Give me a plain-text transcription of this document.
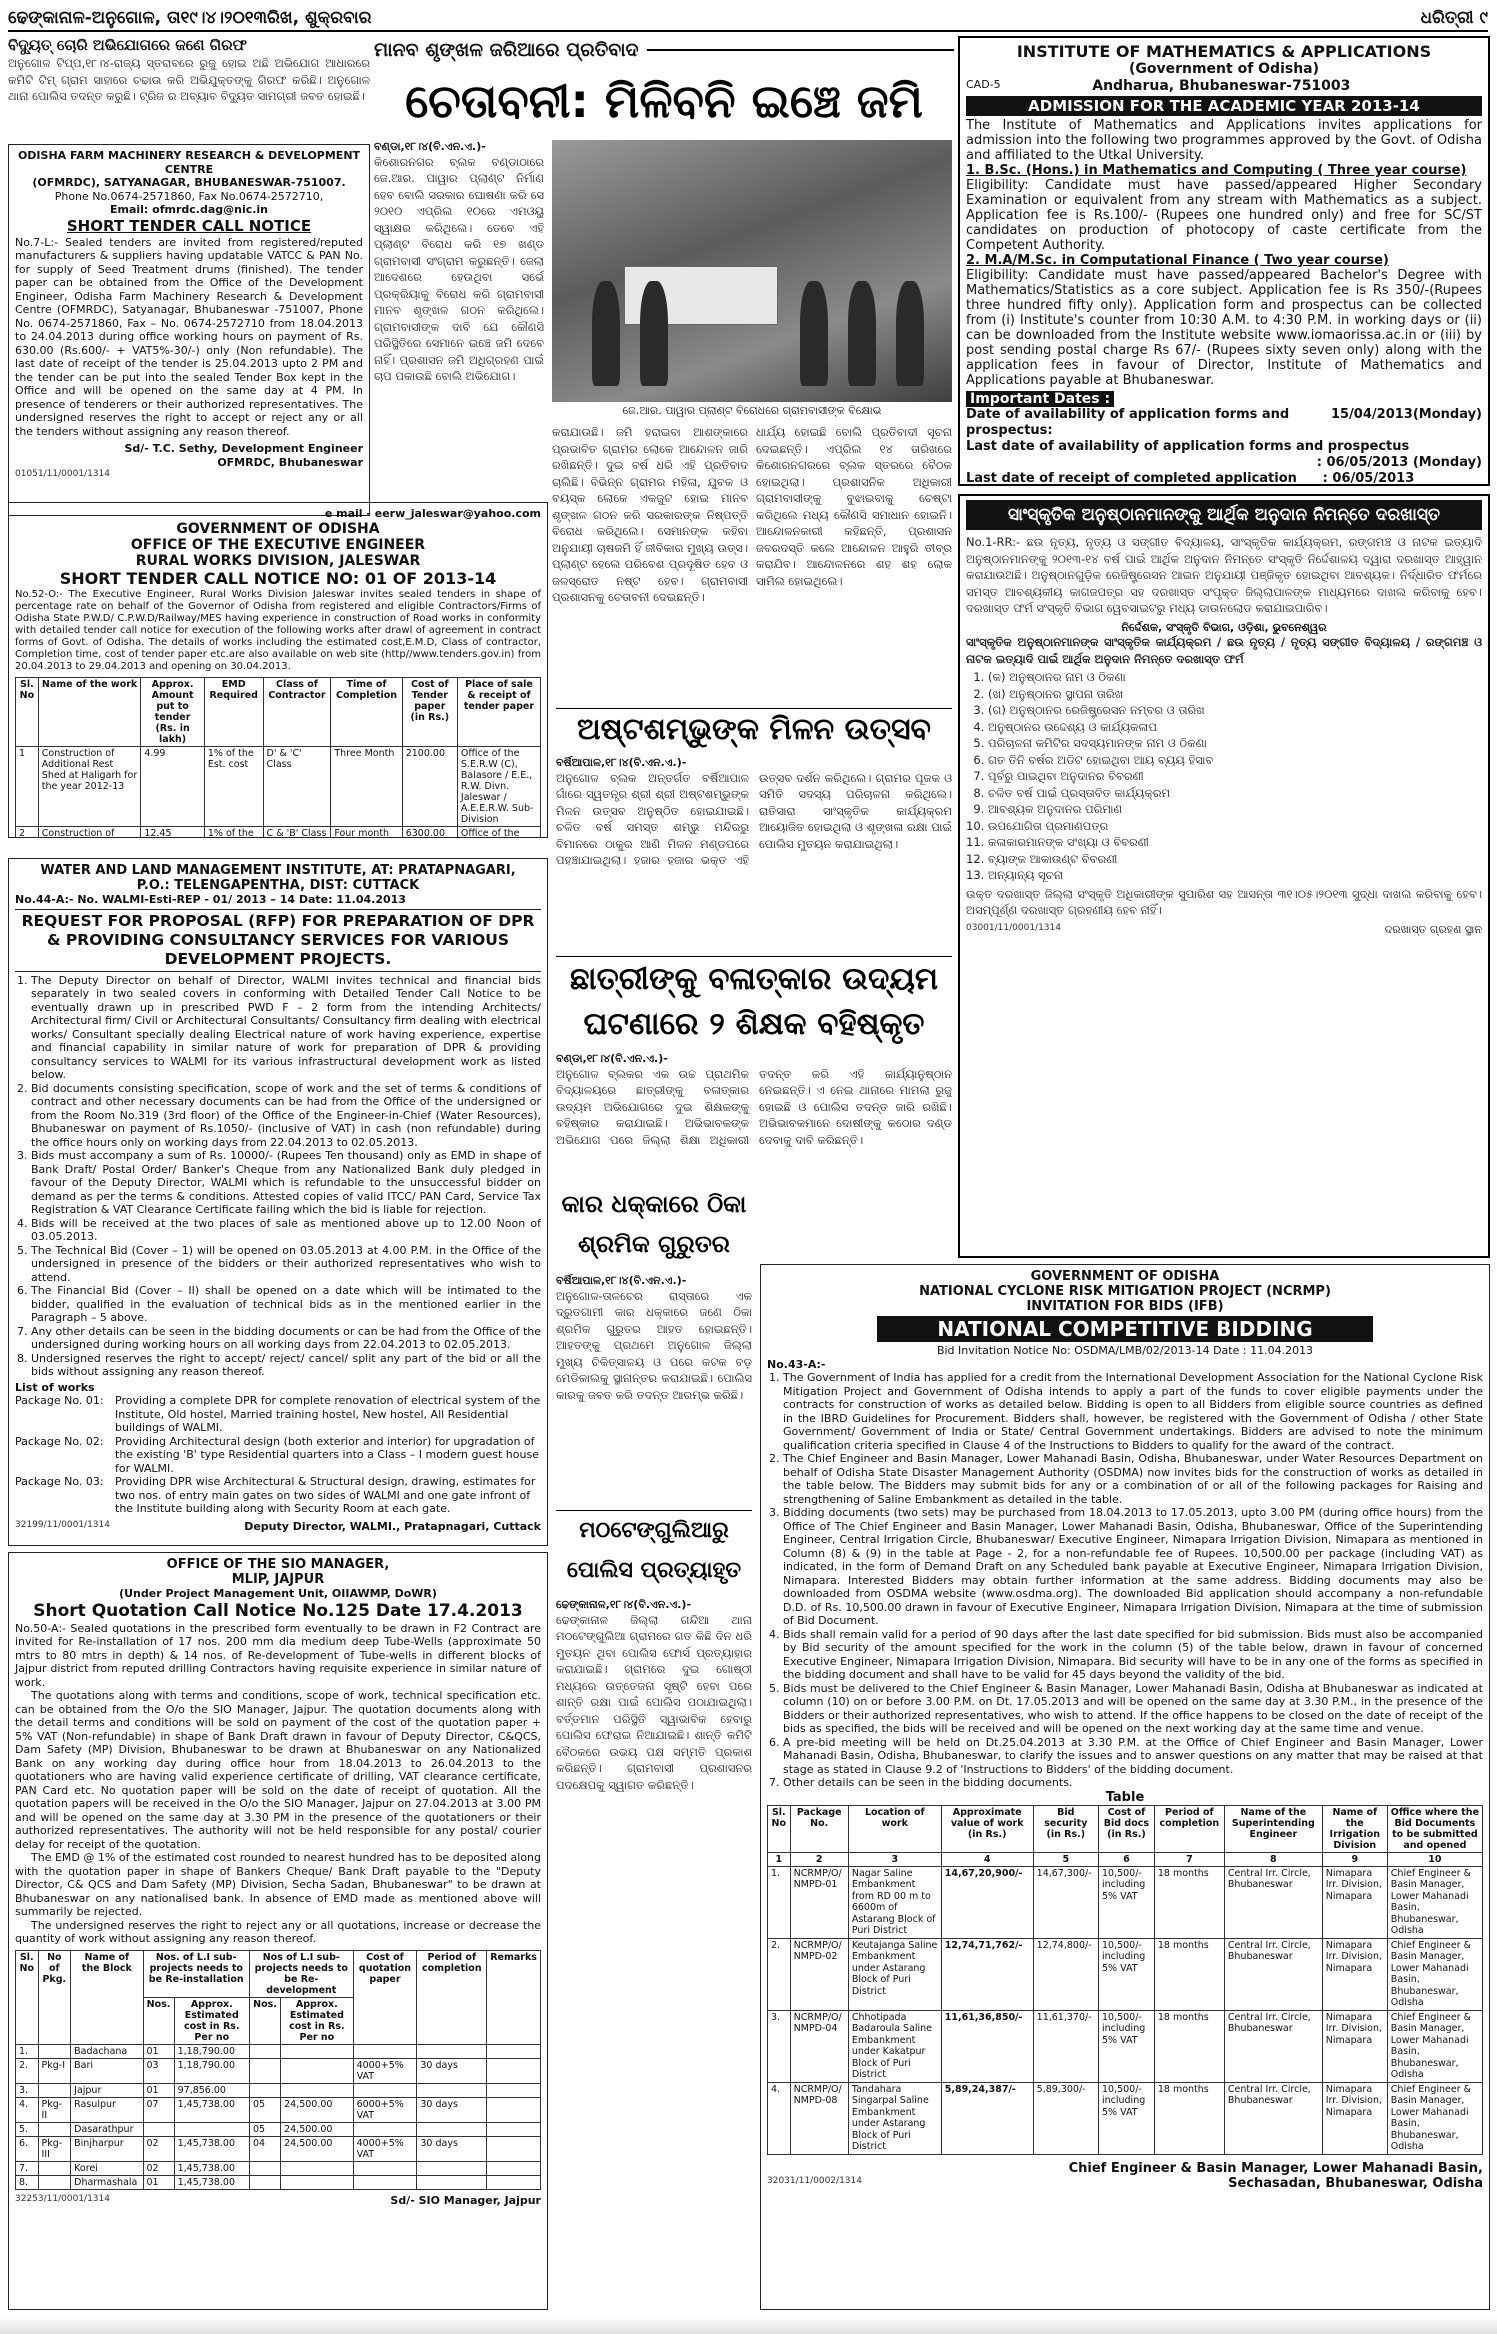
ଢେଙ୍କାନାଳ-ଅନୁଗୋଳ, ତା୧୯।୪।୨୦୧୩ରିଖ, ଶୁକ୍ରବାର	ଧରିତ୍ରୀ ୯
ବିଦ୍ୟୁତ୍ ଚୋରି ଅଭିଯୋଗରେ ଜଣେ ଗିରଫ
ଅନୁଗୋଳ ଟିପ୍ପ,୧୮।୪-ରାଜ୍ୟ ସ୍ତରାବରେ ରୁଜୁ ହୋଇ ଅଛି ଅଭିଯୋଗ ଆଧାରରେ କମିଟି ଟିମ୍ ଗ୍ରାମ ସାହାରେ ଚଢାଉ କରି ଅଭିଯୁକ୍ତଙ୍କୁ ଗିରଫ କରିଛି। ଅନୁଗୋଳ ଥାନା ପୋଲିସ ତଦନ୍ତ କରୁଛି। ଟ୍ରିଜ ର ଅବ୍ୟାବ ବିଦ୍ୟୁତ ସାମଗ୍ରୀ ଜବତ ହୋଇଛି।
ODISHA FARM MACHINERY RESEARCH & DEVELOPMENT CENTRE
(OFMRDC), SATYANAGAR, BHUBANESWAR-751007.
Phone No.0674-2571860, Fax No.0674-2572710,
Email: ofmrdc.dag@nic.in
SHORT TENDER CALL NOTICE
No.7-L:- Sealed tenders are invited from registered/reputed manufacturers & suppliers having updatable VATCC & PAN No. for supply of Seed Treatment drums (finished). The tender paper can be obtained from the Office of the Development Engineer, Odisha Farm Machinery Research & Development Centre (OFMRDC), Satyanagar, Bhubaneswar -751007, Phone No. 0674-2571860, Fax – No. 0674-2572710 from 18.04.2013 to 24.04.2013 during office working hours on payment of Rs. 630.00 (Rs.600/- + VAT5%-30/-) only (Non refundable). The last date of receipt of the tender is 25.04.2013 upto 2 PM and the tender can be put into the sealed Tender Box kept in the Office and will be opened on the same day at 4 PM. In presence of tenderers or their authorized representatives. The undersigned reserves the right to accept or reject any or all the tenders without assigning any reason thereof.
Sd/- T.C. Sethy, Development Engineer
OFMRDC, Bhubaneswar
01051/11/0001/1314
e mail - eerw_jaleswar@yahoo.com
GOVERNMENT OF ODISHA
OFFICE OF THE EXECUTIVE ENGINEER
RURAL WORKS DIVISION, JALESWAR
SHORT TENDER CALL NOTICE NO: 01 OF 2013-14
No.52-O:- The Executive Engineer, Rural Works Division Jaleswar invites sealed tenders in shape of percentage rate on behalf of the Governor of Odisha from registered and eligible Contractors/Firms of Odisha State P.W.D/ C.P.W.D/Railway/MES having experience in construction of Road works in conformity with detailed tender call notice for execution of the following works after drawl of agreement in contract forms of Govt. of Odisha. The details of works including the estimated cost,E.M.D, Class of contractor, Completion time, cost of tender paper etc.are also available on web site (http//www.tenders.gov.in) from 20.04.2013 to 29.04.2013 and opening on 30.04.2013.
Sl. No	Name of the work	Approx. Amount put to tender (Rs. in lakh)	EMD Required	Class of Contractor	Time of Completion	Cost of Tender paper (in Rs.)	Place of sale & receipt of tender paper
1	Construction of Additional Rest Shed at Haligarh for the year 2012-13	4.99	1% of the Est. cost	D' & 'C' Class	Three Month	2100.00	Office of the S.E.R.W (C), Balasore / E.E., R.W. Divn. Jaleswar / A.E.E.R.W. Sub-Division
2	Construction of	12.45	1% of the	C & 'B' Class	Four month	6300.00	Office of the
WATER AND LAND MANAGEMENT INSTITUTE, AT: PRATAPNAGARI,
P.O.: TELENGAPENTHA, DIST: CUTTACK
No.44-A:- No. WALMI-Esti-REP - 01/ 2013 – 14 Date: 11.04.2013
REQUEST FOR PROPOSAL (RFP) FOR PREPARATION OF DPR & PROVIDING CONSULTANCY SERVICES FOR VARIOUS DEVELOPMENT PROJECTS.
1. The Deputy Director on behalf of Director, WALMI invites technical and financial bids separately in two sealed covers in conforming with Detailed Tender Call Notice to be eventually drawn up in prescribed PWD F – 2 form from the intending Architects/ Architectural firm/ Civil or Architectural Consultants/ Consultancy firm dealing with electrical works/ Consultant specially dealing Electrical nature of work having experience, expertise and financial capability in similar nature of work for preparation of DPR & providing consultancy services to WALMI for its various infrastructural development work as listed below.
2. Bid documents consisting specification, scope of work and the set of terms & conditions of contract and other necessary documents can be had from the Office of the undersigned or from the Room No.319 (3rd floor) of the Office of the Engineer-in-Chief (Water Resources), Bhubaneswar on payment of Rs.1050/- (inclusive of VAT) in cash (non refundable) during the office hours only on working days from 22.04.2013 to 02.05.2013.
3. Bids must accompany a sum of Rs. 10000/- (Rupees Ten thousand) only as EMD in shape of Bank Draft/ Postal Order/ Banker's Cheque from any Nationalized Bank duly pledged in favour of the Deputy Director, WALMI which is refundable to the unsuccessful bidder on demand as per the terms & conditions. Attested copies of valid ITCC/ PAN Card, Service Tax Registration & VAT Clearance Certificate failing which the bid is liable for rejection.
4. Bids will be received at the two places of sale as mentioned above up to 12.00 Noon of 03.05.2013.
5. The Technical Bid (Cover – 1) will be opened on 03.05.2013 at 4.00 P.M. in the Office of the undersigned in presence of the bidders or their authorized representatives who wish to attend.
6. The Financial Bid (Cover – II) shall be opened on a date which will be intimated to the bidder, qualified in the evaluation of technical bids as in the mentioned earlier in the Paragraph – 5 above.
7. Any other details can be seen in the bidding documents or can be had from the Office of the undersigned during working hours on all working days from 22.04.2013 to 02.05.2013.
8. Undersigned reserves the right to accept/ reject/ cancel/ split any part of the bid or all the bids without assigning any reason thereof.
List of works
Package No. 01:	Providing a complete DPR for complete renovation of electrical system of the Institute, Old hostel, Married training hostel, New hostel, All Residential buildings of WALMI.
Package No. 02:	Providing Architectural design (both exterior and interior) for upgradation of the existing 'B' type Residential quarters into a Class – I modern guest house for WALMI.
Package No. 03:	Providing DPR wise Architectural & Structural design, drawing, estimates for two nos. of entry main gates on two sides of WALMI and one gate infront of the Institute building along with Security Room at each gate.
32199/11/0001/1314	Deputy Director, WALMI., Pratapnagari, Cuttack
OFFICE OF THE SIO MANAGER,
MLIP, JAJPUR
(Under Project Management Unit, OIIAWMP, DoWR)
Short Quotation Call Notice No.125 Date 17.4.2013
No.50-A:- Sealed quotations in the prescribed form eventually to be drawn in F2 Contract are invited for Re-installation of 17 nos. 200 mm dia medium deep Tube-Wells (approximate 50 mtrs to 80 mtrs in depth) & 14 nos. of Re-development of Tube-wells in different blocks of Jajpur district from reputed drilling Contractors having requisite experience in similar nature of work.
The quotations along with terms and conditions, scope of work, technical specification etc. can be obtained from the O/o the SIO Manager, Jajpur. The quotation documents along with the detail terms and conditions will be sold on payment of the cost of the quotation paper + 5% VAT (Non-refundable) in shape of Bank Draft drawn in favour of Deputy Director, C&QCS, Dam Safety (MP) Division, Bhubaneswar to be drawn at Bhubaneswar on any Nationalized Bank on any working day during office hour from 18.04.2013 to 26.04.2013 to the quotationers who are having valid experience certificate of drilling, VAT clearance certificate, PAN Card etc. No quotation paper will be sold on the date of receipt of quotation. All the quotation papers will be received in the O/o the SIO Manager, Jajpur on 27.04.2013 at 3.00 PM and will be opened on the same day at 3.30 PM in the presence of the quotationers or their authorized representatives. The authority will not be held responsible for any postal/ courier delay for receipt of the quotation.
The EMD @ 1% of the estimated cost rounded to nearest hundred has to be deposited along with the quotation paper in shape of Bankers Cheque/ Bank Draft payable to the "Deputy Director, C& QCS and Dam Safety (MP) Division, Secha Sadan, Bhubaneswar" to be drawn at Bhubaneswar on any nationalised bank. In absence of EMD made as mentioned above will summarily be rejected.
The undersigned reserves the right to reject any or all quotations, increase or decrease the quantity of work without assigning any reason thereof.
Sl. No	No of Pkg.	Name of the Block	Nos. of L.I sub-projects needs to be Re-installation		Nos of L.I sub-projects needs to be Re-development		Cost of quotation paper	Period of completion	Remarks
			Nos.	Approx. Estimated cost in Rs. Per no	Nos.	Approx. Estimated cost in Rs. Per no			
1.		Badachana	01	1,18,790.00					
2.	Pkg-I	Bari	03	1,18,790.00			4000+5% VAT	30 days	
3.		Jajpur	01	97,856.00					
4.	Pkg-II	Rasulpur	07	1,45,738.00	05	24,500.00	6000+5% VAT	30 days	
5.		Dasarathpur			05	24,500.00			
6.	Pkg-III	Binjharpur	02	1,45,738.00	04	24,500.00	4000+5% VAT	30 days	
7.		Korei	02	1,45,738.00					
8.		Dharmashala	01	1,45,738.00					
32253/11/0001/1314	Sd/- SIO Manager, Jajpur
ମାନବ ଶୃଙ୍ଖଳ ଜରିଆରେ ପ୍ରତିବାଦ
ଚେତାବନୀ: ମିଳିବନି ଇଞ୍ଚେ ଜମି
ବଣ୍ଡା,୧୮।୪(ବି.ଏନ.ଏ.)-
କିଶୋରନଗର ବ୍ଲକ ବଣ୍ଡାଠାରେ ଜେ.ଆର. ପାୱାର ପ୍ଲାଣ୍ଟ ନିର୍ମାଣ ହେବ ବୋଲି ସରକାର ଘୋଷଣା କରି ସେ ୨୦୧୦ ଏପ୍ରିଲ ୧୦ରେ ଏମଓୟୁ ସ୍ୱାକ୍ଷର କରିଥିଲେ। ତେବେ ଏହି ପ୍ଲାଣ୍ଟ ବିରୋଧ କରି ୧୭ ଖଣ୍ଡ ଗ୍ରାମବାସୀ ସଂଗ୍ରାମ କରୁଛନ୍ତି। ଜେଲା ଆଦେଶରେ ହେଉଥିବା ସର୍ଭେ ପ୍ରକ୍ରିୟାକୁ ବିରୋଧ କରି ଗ୍ରାମବାସୀ ମାନବ ଶୃଙ୍ଖଳ ଗଠନ କରିଥିଲେ। ଗ୍ରାମବାସୀଙ୍କ ଦାବି ଯେ କୌଣସି ପରିସ୍ଥିତିରେ ସେମାନେ ଇଞ୍ଚେ ଜମି ଦେବେ ନାହିଁ। ପ୍ରଶାସନ ଜମି ଅଧିଗ୍ରହଣ ପାଇଁ ଚାପ ପକାଉଛି ବୋଲି ଅଭିଯୋଗ।
ଜେ.ଆର. ପାୱାର ପ୍ଲାଣ୍ଟ ବିରୋଧରେ ଗ୍ରାମବାସୀଙ୍କ ବିକ୍ଷୋଭ
କରାଯାଉଛି। ଜମି ହରାଇବା ଆଶଙ୍କାରେ ପ୍ରଭାବିତ ଗ୍ରାମର ଲୋକେ ଆନ୍ଦୋଳନ ଜାରି ରଖିଛନ୍ତି। ଦୁଇ ବର୍ଷ ଧରି ଏହି ପ୍ରତିବାଦ ଚାଲିଛି। ବିଭିନ୍ନ ଗ୍ରାମର ମହିଳା, ଯୁବକ ଓ ବୟସ୍କ ଲୋକେ ଏକଜୁଟ ହୋଇ ମାନବ ଶୃଙ୍ଖଳ ଗଠନ କରି ସରକାରଙ୍କ ନିଷ୍ପତ୍ତି ବିରୋଧ କରିଥିଲେ। ସେମାନଙ୍କ କହିବା ଅନୁଯାୟୀ ଚାଷଜମି ହିଁ ଜୀବିକାର ମୁଖ୍ୟ ଉତ୍ସ। ପ୍ଲାଣ୍ଟ ହେଲେ ପରିବେଶ ପ୍ରଦୂଷିତ ହେବ ଓ ଜଳସ୍ରୋତ ନଷ୍ଟ ହେବ। ଗ୍ରାମବାସୀ ପ୍ରଶାସନକୁ ଚେତାବନୀ ଦେଇଛନ୍ତି।
ଧାର୍ଯ୍ୟ ହୋଇଛି ବୋଲି ପ୍ରତିବାଦୀ ସୂଚନା ଦେଇଛନ୍ତି। ଏପ୍ରିଲ ୧୪ ତାରିଖରେ କିଶୋରନଗରରେ ବ୍ଲକ ସ୍ତରରେ ବୈଠକ ହୋଇଥିଲା। ପ୍ରଶାସନିକ ଅଧିକାରୀ ଗ୍ରାମବାସୀଙ୍କୁ ବୁଝାଇବାକୁ ଚେଷ୍ଟା କରିଥିଲେ ମଧ୍ୟ କୌଣସି ସମାଧାନ ହୋଇନି। ଆନ୍ଦୋଳନକାରୀ କହିଛନ୍ତି, ପ୍ରଶାସନ ଜବରଦସ୍ତି କଲେ ଆନ୍ଦୋଳନ ଆହୁରି ତୀବ୍ର କରାଯିବ। ଆନ୍ଦୋଳନରେ ଶହ ଶହ ଲୋକ ସାମିଲ ହୋଇଥିଲେ।
ଅଷ୍ଟଶମ୍ଭୁଙ୍କ ମିଳନ ଉତ୍ସବ
ବର୍ଷିଆପାଳ,୧୮।୪(ବି.ଏନ.ଏ.)-
ଅନୁଗୋଳ ବ୍ଲକ ଅନ୍ତର୍ଗତ ବର୍ଷିଆପାଳ ଗାଁରେ ସ୍ୱତନ୍ତ୍ର ଶ୍ରୀ ଶ୍ରୀ ଅଷ୍ଟଶମ୍ଭୁଙ୍କ ମିଳନ ଉତ୍ସବ ଅନୁଷ୍ଠିତ ହୋଇଯାଇଛି। ଚଳିତ ବର୍ଷ ସମସ୍ତ ଶମ୍ଭୁ ମନ୍ଦିରରୁ ବିମାନରେ ଠାକୁର ଆଣି ମିଳନ ମଣ୍ଡପରେ ପହଞ୍ଚାଯାଇଥିଲା। ହଜାର ହଜାର ଭକ୍ତ ଏହି ଉତ୍ସବ ଦର୍ଶନ କରିଥିଲେ। ଗ୍ରାମର ପୂଜକ ଓ ସମିତି ସଦସ୍ୟ ପରିଚାଳନା କରିଥିଲେ। ରାତିସାରା ସାଂସ୍କୃତିକ କାର୍ଯ୍ୟକ୍ରମ ଆୟୋଜିତ ହୋଇଥିଲା ଓ ଶୃଙ୍ଖଳା ରକ୍ଷା ପାଇଁ ପୋଲିସ ମୁତୟନ କରାଯାଇଥିଲା।
ଛାତ୍ରୀଙ୍କୁ ବଳାତ୍କାର ଉଦ୍ୟମ
ଘଟଣାରେ ୨ ଶିକ୍ଷକ ବହିଷ୍କୃତ
ବଣ୍ଡା,୧୮।୪(ବି.ଏନ.ଏ.)-
ଅନୁଗୋଳ ବ୍ଲକର ଏକ ଉଚ୍ଚ ପ୍ରାଥମିକ ବିଦ୍ୟାଳୟରେ ଛାତ୍ରୀଙ୍କୁ ବଳାତ୍କାର ଉଦ୍ୟମ ଅଭିଯୋଗରେ ଦୁଇ ଶିକ୍ଷକଙ୍କୁ ବହିଷ୍କାର କରାଯାଇଛି। ଅଭିଭାବକଙ୍କ ଅଭିଯୋଗ ପରେ ଜିଲ୍ଲା ଶିକ୍ଷା ଅଧିକାରୀ ତଦନ୍ତ କରି ଏହି କାର୍ଯ୍ୟାନୁଷ୍ଠାନ ନେଇଛନ୍ତି। ଏ ନେଇ ଥାନାରେ ମାମଲା ରୁଜୁ ହୋଇଛି ଓ ପୋଲିସ ତଦନ୍ତ ଜାରି ରଖିଛି। ଅଭିଭାବକମାନେ ଦୋଷୀଙ୍କୁ କଠୋର ଦଣ୍ଡ ଦେବାକୁ ଦାବି କରିଛନ୍ତି।
କାର ଧକ୍କାରେ ଠିକା ଶ୍ରମିକ ଗୁରୁତର
ବର୍ଷିଆପାଳ,୧୮।୪(ବି.ଏନ.ଏ.)-
ଅନୁଗୋଳ-ତାଳଚେର ରାସ୍ତାରେ ଏକ ଦ୍ରୁତଗାମୀ କାର ଧକ୍କାରେ ଜଣେ ଠିକା ଶ୍ରମିକ ଗୁରୁତର ଆହତ ହୋଇଛନ୍ତି। ଆହତଙ୍କୁ ପ୍ରଥମେ ଅନୁଗୋଳ ଜିଲ୍ଲା ମୁଖ୍ୟ ଚିକିତ୍ସାଳୟ ଓ ପରେ କଟକ ବଡ଼ ମେଡିକାଲକୁ ସ୍ଥାନାନ୍ତର କରାଯାଇଛି। ପୋଲିସ କାରକୁ ଜବତ କରି ତଦନ୍ତ ଆରମ୍ଭ କରିଛି।
ମଠଟେଙ୍ଗୁଲିଆରୁ ପୋଲିସ ପ୍ରତ୍ୟାହୃତ
ଢେଙ୍କାନାଳ,୧୮।୪(ବି.ଏନ.ଏ.)-
ଢେଙ୍କାନାଳ ଜିଲ୍ଲା ଗନ୍ଦିଆ ଥାନା ମଠଟେଙ୍ଗୁଲିଆ ଗ୍ରାମରେ ଗତ କିଛି ଦିନ ଧରି ମୁତୟନ ଥିବା ପୋଲିସ ଫୋର୍ସ ପ୍ରତ୍ୟାହାର କରାଯାଇଛି। ଗ୍ରାମରେ ଦୁଇ ଗୋଷ୍ଠୀ ମଧ୍ୟରେ ଉତ୍ତେଜନା ସୃଷ୍ଟି ହେବା ପରେ ଶାନ୍ତି ରକ୍ଷା ପାଇଁ ପୋଲିସ ପଠାଯାଇଥିଲା। ବର୍ତ୍ତମାନ ପରିସ୍ଥିତି ସ୍ୱାଭାବିକ ହେବାରୁ ପୋଲିସ ଫେରାଇ ନିଆଯାଇଛି। ଶାନ୍ତି କମିଟି ବୈଠକରେ ଉଭୟ ପକ୍ଷ ସମ୍ମତି ପ୍ରକାଶ କରିଛନ୍ତି। ଗ୍ରାମବାସୀ ପ୍ରଶାସନର ପଦକ୍ଷେପକୁ ସ୍ୱାଗତ କରିଛନ୍ତି।
INSTITUTE OF MATHEMATICS & APPLICATIONS
(Government of Odisha)
CAD-5	Andharua, Bhubaneswar-751003
ADMISSION FOR THE ACADEMIC YEAR 2013-14
The Institute of Mathematics and Applications invites applications for admission into the following two programmes approved by the Govt. of Odisha and affiliated to the Utkal University.
1. B.Sc. (Hons.) in Mathematics and Computing ( Three year course)
Eligibility: Candidate must have passed/appeared Higher Secondary Examination or equivalent from any stream with Mathematics as a subject. Application fee is Rs.100/- (Rupees one hundred only) and free for SC/ST candidates on production of photocopy of caste certificate from the Competent Authority.
2. M.A/M.Sc. in Computational Finance ( Two year course)
Eligibility: Candidate must have passed/appeared Bachelor's Degree with Mathematics/Statistics as a core subject. Application fee is Rs 350/-(Rupees three hundred fifty only). Application form and prospectus can be collected from (i) Institute's counter from 10:30 A.M. to 4:30 P.M. in working days or (ii) can be downloaded from the Institute website www.iomaorissa.ac.in or (iii) by post sending postal charge Rs 67/- (Rupees sixty seven only) along with the application fees in favour of Director, Institute of Mathematics and Applications payable at Bhubaneswar.
Important Dates :
Date of availability of application forms and prospectus:
15/04/2013(Monday)
Last date of availability of application forms and prospectus
: 06/05/2013 (Monday)
Last date of receipt of completed application	: 06/05/2013
ସାଂସ୍କୃତିକ ଅନୁଷ୍ଠାନମାନଙ୍କୁ ଆର୍ଥିକ ଅନୁଦାନ ନିମନ୍ତେ ଦରଖାସ୍ତ
No.1-RR:- ଛଉ ନୃତ୍ୟ, ନୃତ୍ୟ ଓ ସଙ୍ଗୀତ ବିଦ୍ୟାଳୟ, ସାଂସ୍କୃତିକ କାର୍ଯ୍ୟକ୍ରମ, ରଙ୍ଗମଞ୍ଚ ଓ ନାଟକ ଇତ୍ୟାଦି ଅନୁଷ୍ଠାନମାନଙ୍କୁ ୨୦୧୩-୧୪ ବର୍ଷ ପାଇଁ ଆର୍ଥିକ ଅନୁଦାନ ନିମନ୍ତେ ସଂସ୍କୃତି ନିର୍ଦ୍ଦେଶାଳୟ ଦ୍ୱାରା ଦରଖାସ୍ତ ଆହ୍ୱାନ କରାଯାଉଅଛି। ଅନୁଷ୍ଠାନଗୁଡ଼ିକ ରେଜିଷ୍ଟ୍ରେସନ ଆଇନ ଅନୁଯାୟୀ ପଞ୍ଜିକୃତ ହୋଇଥିବା ଆବଶ୍ୟକ। ନିର୍ଦ୍ଧାରିତ ଫର୍ମରେ ସମସ୍ତ ଆବଶ୍ୟକୀୟ କାଗଜପତ୍ର ସହ ଦରଖାସ୍ତ ସଂପୃକ୍ତ ଜିଲ୍ଲାପାଳଙ୍କ ମାଧ୍ୟମରେ ଦାଖଲ କରିବାକୁ ହେବ। ଦରଖାସ୍ତ ଫର୍ମ ସଂସ୍କୃତି ବିଭାଗ ୱେବସାଇଟରୁ ମଧ୍ୟ ଡାଉନଲୋଡ କରାଯାଇପାରିବ।
ନିର୍ଦ୍ଦେଶକ, ସଂସ୍କୃତି ବିଭାଗ, ଓଡ଼ିଶା, ଭୁବନେଶ୍ୱର
ସାଂସ୍କୃତିକ ଅନୁଷ୍ଠାନମାନଙ୍କ ସାଂସ୍କୃତିକ କାର୍ଯ୍ୟକ୍ରମ / ଛଉ ନୃତ୍ୟ / ନୃତ୍ୟ ସଙ୍ଗୀତ ବିଦ୍ୟାଳୟ / ରଙ୍ଗମଞ୍ଚ ଓ ନାଟକ ଇତ୍ୟାଦି ପାଇଁ ଆର୍ଥିକ ଅନୁଦାନ ନିମନ୍ତେ ଦରଖାସ୍ତ ଫର୍ମ
1. (କ) ଅନୁଷ୍ଠାନର ନାମ ଓ ଠିକଣା
2. (ଖ) ଅନୁଷ୍ଠାନର ସ୍ଥାପନା ତାରିଖ
3. (ଗ) ଅନୁଷ୍ଠାନର ରେଜିଷ୍ଟ୍ରେସନ ନମ୍ବର ଓ ତାରିଖ
4. ଅନୁଷ୍ଠାନର ଉଦ୍ଦେଶ୍ୟ ଓ କାର୍ଯ୍ୟକଳାପ
5. ପରିଚାଳନା କମିଟିର ସଦସ୍ୟମାନଙ୍କ ନାମ ଓ ଠିକଣା
6. ଗତ ତିନି ବର୍ଷର ଅଡିଟ ହୋଇଥିବା ଆୟ ବ୍ୟୟ ହିସାବ
7. ପୂର୍ବରୁ ପାଇଥିବା ଅନୁଦାନର ବିବରଣୀ
8. ଚଳିତ ବର୍ଷ ପାଇଁ ପ୍ରସ୍ତାବିତ କାର୍ଯ୍ୟକ୍ରମ
9. ଆବଶ୍ୟକ ଅନୁଦାନର ପରିମାଣ
10. ଉପଯୋଗିତା ପ୍ରମାଣପତ୍ର
11. କଳାକାରମାନଙ୍କ ସଂଖ୍ୟା ଓ ବିବରଣୀ
12. ବ୍ୟାଙ୍କ ଆକାଉଣ୍ଟ ବିବରଣୀ
13. ଅନ୍ୟାନ୍ୟ ସୂଚନା
ଉକ୍ତ ଦରଖାସ୍ତ ଜିଲ୍ଲା ସଂସ୍କୃତି ଅଧିକାରୀଙ୍କ ସୁପାରିଶ ସହ ଆସନ୍ତା ୩୧।୦୫।୨୦୧୩ ସୁଦ୍ଧା ଦାଖଲ କରିବାକୁ ହେବ। ଅସମ୍ପୂର୍ଣ୍ଣ ଦରଖାସ୍ତ ଗ୍ରହଣୀୟ ହେବ ନାହିଁ।
03001/11/0001/1314	ଦରଖାସ୍ତ ଗ୍ରହଣ ସ୍ଥାନ
GOVERNMENT OF ODISHA
NATIONAL CYCLONE RISK MITIGATION PROJECT (NCRMP)
INVITATION FOR BIDS (IFB)
NATIONAL COMPETITIVE BIDDING
Bid Invitation Notice No: OSDMA/LMB/02/2013-14 Date : 11.04.2013
No.43-A:-
1. The Government of India has applied for a credit from the International Development Association for the National Cyclone Risk Mitigation Project and Government of Odisha intends to apply a part of the funds to cover eligible payments under the contracts for construction of works as detailed below. Bidding is open to all Bidders from eligible source countries as defined in the IBRD Guidelines for Procurement. Bidders shall, however, be registered with the Government of Odisha / other State Government/ Government of India or State/ Central Government undertakings. Bidders are advised to note the minimum qualification criteria specified in Clause 4 of the Instructions to Bidders to qualify for the award of the contract.
2. The Chief Engineer and Basin Manager, Lower Mahanadi Basin, Odisha, Bhubaneswar, under Water Resources Department on behalf of Odisha State Disaster Management Authority (OSDMA) now invites bids for the construction of works as detailed in the table below. The Bidders may submit bids for any or a combination of or all of the following packages for Raising and strengthening of Saline Embankment as detailed in the table.
3. Bidding documents (two sets) may be purchased from 18.04.2013 to 17.05.2013, upto 3.00 PM (during office hours) from the Office of The Chief Engineer and Basin Manager, Lower Mahanadi Basin, Odisha, Bhubaneswar, Office of the Superintending Engineer, Central Irrigation Circle, Bhubaneswar/ Executive Engineer, Nimapara Irrigation Division, Nimapara as mentioned in Column (8) & (9) in the table at Page - 2, for a non-refundable fee of Rupees. 10,500.00 per package (including VAT) as indicated, in the form of Demand Draft on any Scheduled bank payable at Executive Engineer, Nimapara Irrigation Division, Nimapara. Interested Bidders may obtain further information at the same address. Bidding documents may also be downloaded from OSDMA website (www.osdma.org). The downloaded Bid application should accompany a non-refundable D.D. of Rs. 10,500.00 drawn in favour of Executive Engineer, Nimapara Irrigation Division, Nimapara at the time of submission of Bid Document.
4. Bids shall remain valid for a period of 90 days after the last date specified for bid submission. Bids must also be accompanied by Bid security of the amount specified for the work in the column (5) of the table below, drawn in favour of concerned Executive Engineer, Nimapara Irrigation Division, Nimapara. Bid security will have to be in any one of the forms as specified in the bidding document and shall have to be valid for 45 days beyond the validity of the bid.
5. Bids must be delivered to the Chief Engineer & Basin Manager, Lower Mahanadi Basin, Odisha at Bhubaneswar as indicated at column (10) on or before 3.00 P.M. on Dt. 17.05.2013 and will be opened on the same day at 3.30 P.M., in the presence of the Bidders or their authorized representatives, who wish to attend. If the office happens to be closed on the date of receipt of the bids as specified, the bids will be received and will be opened on the next working day at the same time and venue.
6. A pre-bid meeting will be held on Dt.25.04.2013 at 3.30 P.M. at the Office of Chief Engineer and Basin Manager, Lower Mahanadi Basin, Odisha, Bhubaneswar, to clarify the issues and to answer questions on any matter that may be raised at that stage as stated in Clause 9.2 of 'Instructions to Bidders' of the bidding document.
7. Other details can be seen in the bidding documents.
Table
Sl. No	Package No.	Location of work	Approximate value of work (in Rs.)	Bid security (in Rs.)	Cost of Bid docs (in Rs.)	Period of completion	Name of the Superintending Engineer	Name of the Irrigation Division	Office where the Bid Documents to be submitted and opened
1	2	3	4	5	6	7	8	9	10
1.	NCRMP/O/ NMPD-01	Nagar Saline Embankment from RD 00 m to 6600m of Astarang Block of Puri District	14,67,20,900/-	14,67,300/-	10,500/- including 5% VAT	18 months	Central Irr. Circle, Bhubaneswar	Nimapara Irr. Division, Nimapara	Chief Engineer & Basin Manager, Lower Mahanadi Basin, Bhubaneswar, Odisha
2.	NCRMP/O/ NMPD-02	Keutajanga Saline Embankment under Astarang Block of Puri District	12,74,71,762/-	12,74,800/-	10,500/- including 5% VAT	18 months	Central Irr. Circle, Bhubaneswar	Nimapara Irr. Division, Nimapara	Chief Engineer & Basin Manager, Lower Mahanadi Basin, Bhubaneswar, Odisha
3.	NCRMP/O/ NMPD-04	Chhotipada Badaroula Saline Embankment under Kakatpur Block of Puri District	11,61,36,850/-	11,61,370/-	10,500/- including 5% VAT	18 months	Central Irr. Circle, Bhubaneswar	Nimapara Irr. Division, Nimapara	Chief Engineer & Basin Manager, Lower Mahanadi Basin, Bhubaneswar, Odisha
4.	NCRMP/O/ NMPD-08	Tandahara Singarpal Saline Embankment under Astarang Block of Puri District	5,89,24,387/-	5,89,300/-	10,500/- including 5% VAT	18 months	Central Irr. Circle, Bhubaneswar	Nimapara Irr. Division, Nimapara	Chief Engineer & Basin Manager, Lower Mahanadi Basin, Bhubaneswar, Odisha
Chief Engineer & Basin Manager, Lower Mahanadi Basin,
32031/11/0002/1314	Sechasadan, Bhubaneswar, Odisha
